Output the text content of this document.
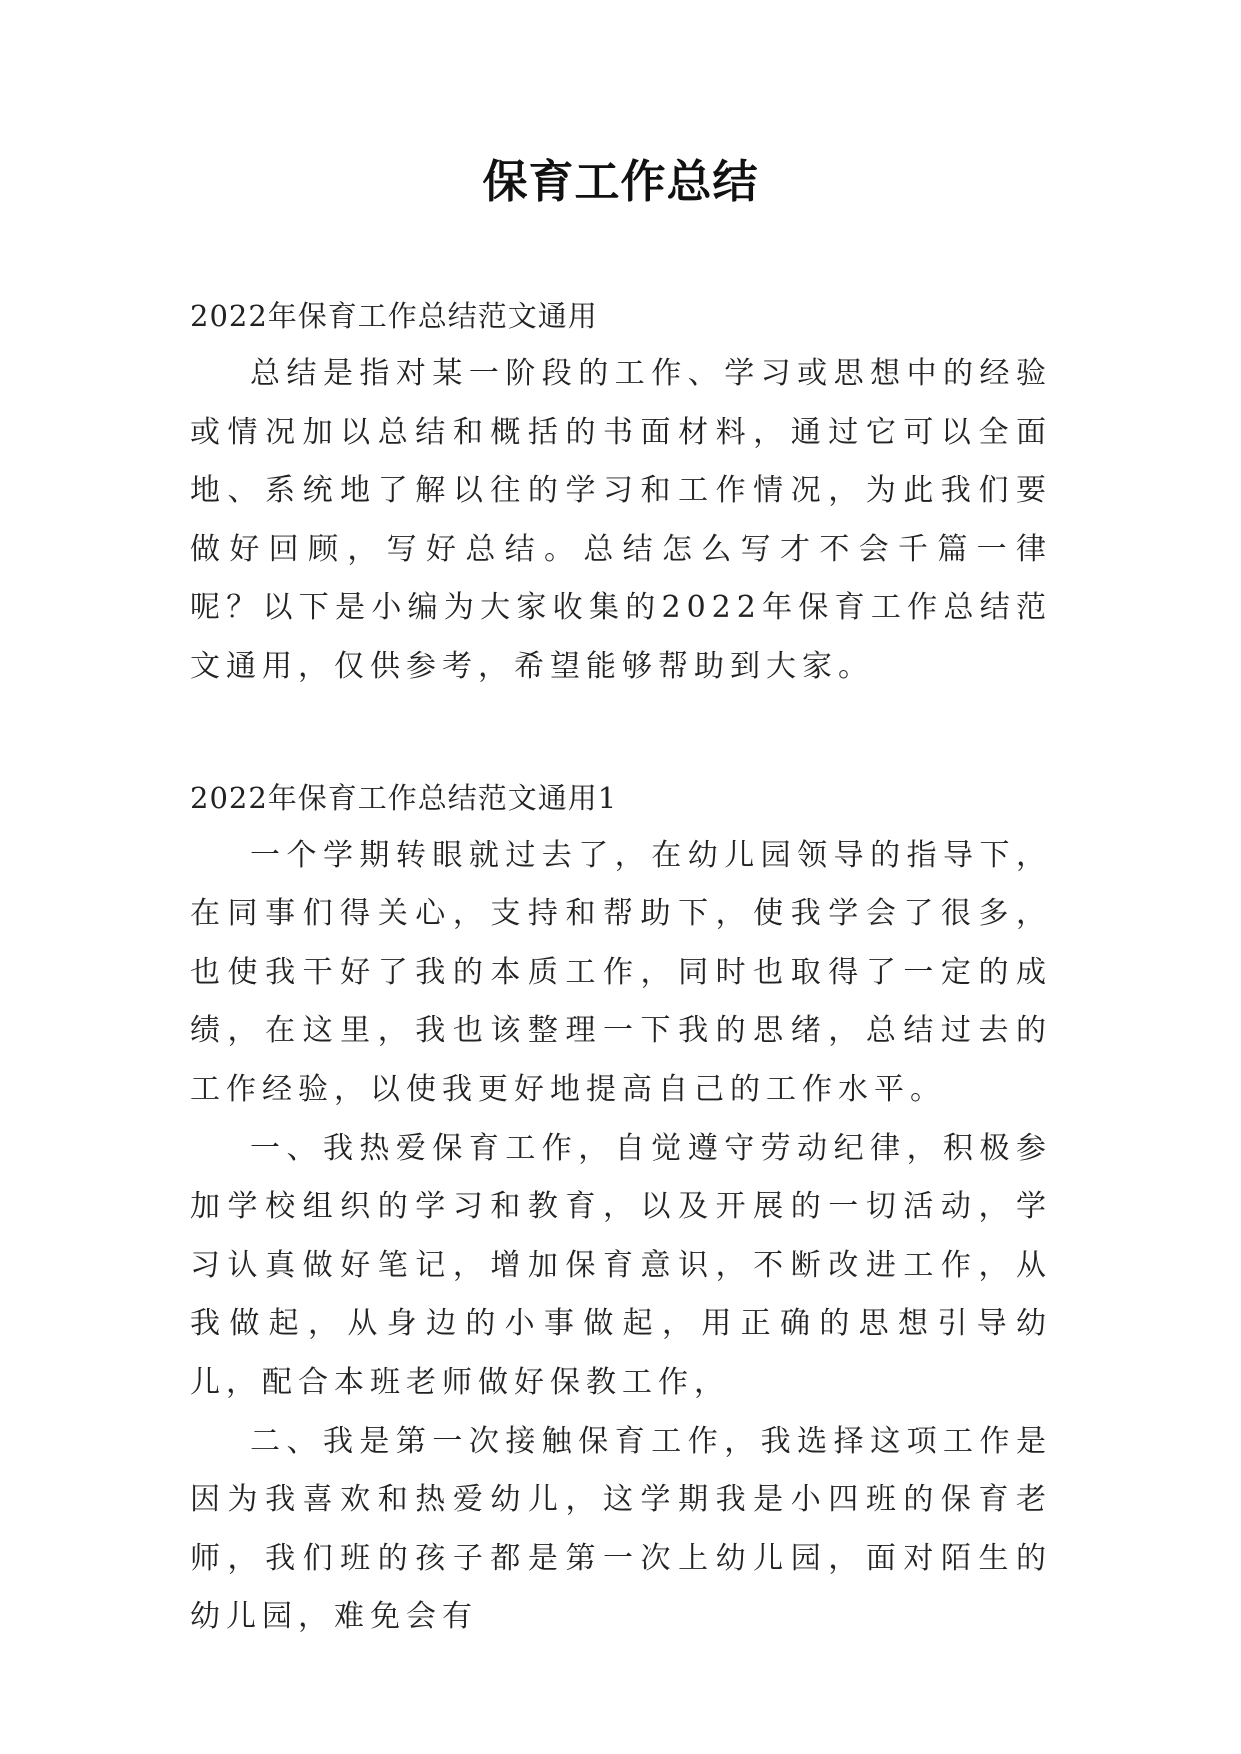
保育工作总结
2022年保育工作总结范文通用

总结是指对某一阶段的工作、学习或思想中的经验或情况加以总结和概括的书面材料，通过它可以全面地、系统地了解以往的学习和工作情况，为此我们要做好回顾，写好总结。总结怎么写才不会千篇一律呢？以下是小编为大家收集的2022年保育工作总结范文通用，仅供参考，希望能够帮助到大家。

2022年保育工作总结范文通用1

一个学期转眼就过去了，在幼儿园领导的指导下，在同事们得关心，支持和帮助下，使我学会了很多，也使我干好了我的本质工作，同时也取得了一定的成绩，在这里，我也该整理一下我的思绪，总结过去的工作经验，以使我更好地提高自己的工作水平。

一、我热爱保育工作，自觉遵守劳动纪律，积极参加学校组织的学习和教育，以及开展的一切活动，学习认真做好笔记，增加保育意识，不断改进工作，从我做起，从身边的小事做起，用正确的思想引导幼儿，配合本班老师做好保教工作，

二、我是第一次接触保育工作，我选择这项工作是因为我喜欢和热爱幼儿，这学期我是小四班的保育老师，我们班的孩子都是第一次上幼儿园，面对陌生的幼儿园，难免会有
